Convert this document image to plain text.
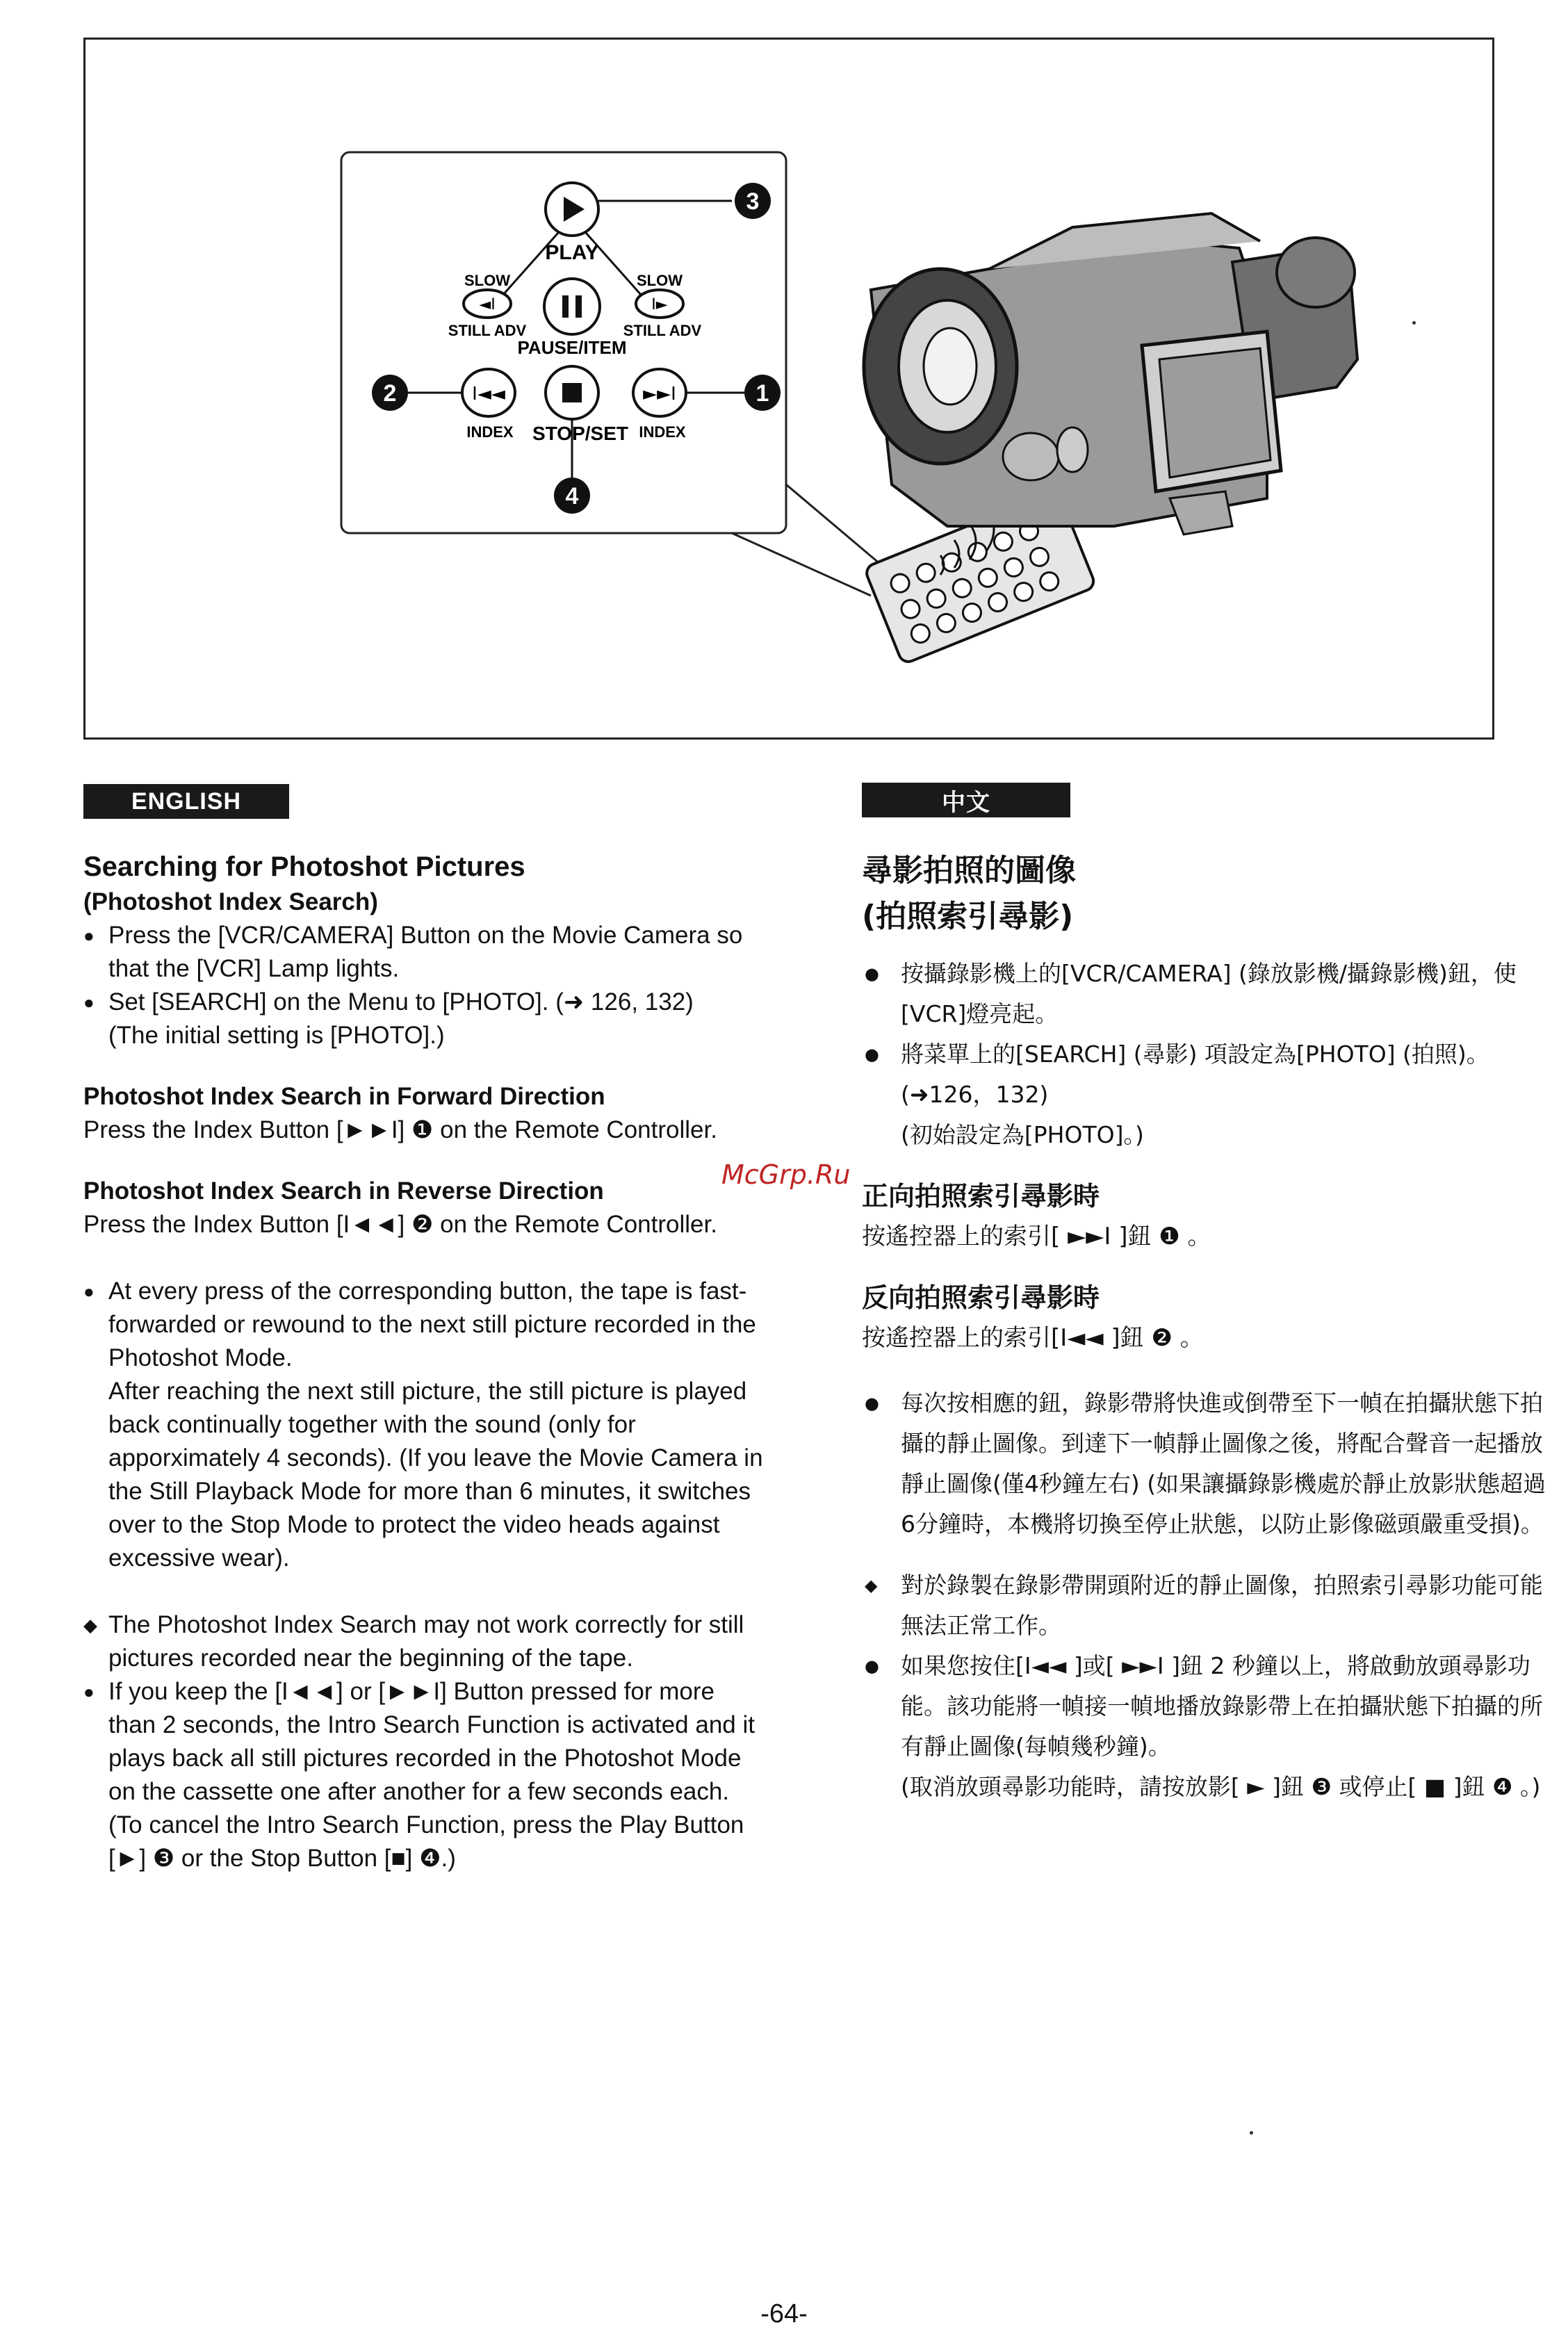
3
PLAY
SLOW
◄I
STILL ADV
PAUSE/ITEM
SLOW
I►
STILL ADV
2	I◄◄
INDEX STOP/SET
4
►►I
INDEX
1
ENGLISH	中文

Searching for Photoshot Pictures

(Photoshot Index Search)

● Press the [VCR/CAMERA] Button on the Movie Camera so that the [VCR] Lamp lights.

● Set [SEARCH] on the Menu to [PHOTO]. (➜ 126, 132)

(The initial setting is [PHOTO].)

Photoshot Index Search in Forward Direction

Press the Index Button [►►I] ❶ on the Remote Controller.

Photoshot Index Search in Reverse Direction

Press the Index Button [I◄◄] ❷ on the Remote Controller.

● At every press of the corresponding button, the tape is fast-forwarded or rewound to the next still picture recorded in the Photoshot Mode.

After reaching the next still picture, the still picture is played back continually together with the sound (only for apporximately 4 seconds). (If you leave the Movie Camera in the Still Playback Mode for more than 6 minutes, it switches over to the Stop Mode to protect the video heads against excessive wear).

◆ The Photoshot Index Search may not work correctly for still pictures recorded near the beginning of the tape.

● If you keep the [I◄◄] or [►►I] Button pressed for more than 2 seconds, the Intro Search Function is activated and it plays back all still pictures recorded in the Photoshot Mode on the cassette one after another for a few seconds each.

(To cancel the Intro Search Function, press the Play Button [►] ❸ or the Stop Button [■] ❹.)

尋影拍照的圖像

(拍照索引尋影)

● 按攝錄影機上的[VCR/CAMERA] (錄放影機/攝錄影機)鈕，使[VCR]燈亮起。

● 將菜單上的[SEARCH] (尋影) 項設定為[PHOTO] (拍照)。(➜126，132)

(初始設定為[PHOTO]。)

正向拍照索引尋影時

按遙控器上的索引[ ►►I ]鈕 ❶ 。

反向拍照索引尋影時

按遙控器上的索引[I◄◄ ]鈕 ❷ 。

● 每次按相應的鈕，錄影帶將快進或倒帶至下一幀在拍攝狀態下拍攝的靜止圖像。到達下一幀靜止圖像之後，將配合聲音一起播放靜止圖像(僅4秒鐘左右) (如果讓攝錄影機處於靜止放影狀態超過6分鐘時，本機將切換至停止狀態，以防止影像磁頭嚴重受損)。

◆ 對於錄製在錄影帶開頭附近的靜止圖像，拍照索引尋影功能可能無法正常工作。

● 如果您按住[I◄◄ ]或[ ►►I ]鈕 2 秒鐘以上，將啟動放頭尋影功能。該功能將一幀接一幀地播放錄影帶上在拍攝狀態下拍攝的所有靜止圖像(每幀幾秒鐘)。

(取消放頭尋影功能時，請按放影[ ► ]鈕 ❸ 或停止[ ■ ]鈕 ❹ 。)

McGrp.Ru
-64-
